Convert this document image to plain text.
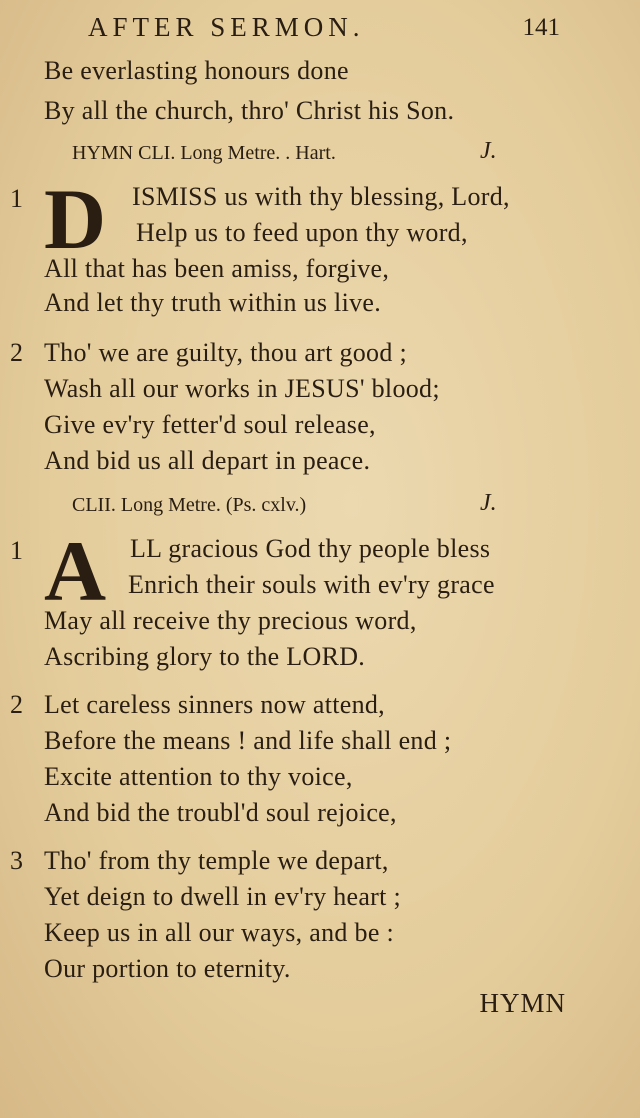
AFTER SERMON.	141
Be everlasting honours done
By all the church, thro' Christ his Son.
HYMN CLI. Long Metre. . Hart.	J.
1 D ISMISS us with thy blessing, Lord,
Help us to feed upon thy word,
All that has been amiss, forgive,
And let thy truth within us live.
2 Tho' we are guilty, thou art good ;
Wash all our works in JESUS' blood;
Give ev'ry fetter'd soul release,
And bid us all depart in peace.
CLII. Long Metre. (Ps. cxlv.)	J.
1 A LL gracious God thy people bless
Enrich their souls with ev'ry grace
May all receive thy precious word,
Ascribing glory to the LORD.
2 Let careless sinners now attend,
Before the means ! and life shall end ;
Excite attention to thy voice,
And bid the troubl'd soul rejoice,
3 Tho' from thy temple we depart,
Yet deign to dwell in ev'ry heart ;
Keep us in all our ways, and be :
Our portion to eternity.
HYMN
